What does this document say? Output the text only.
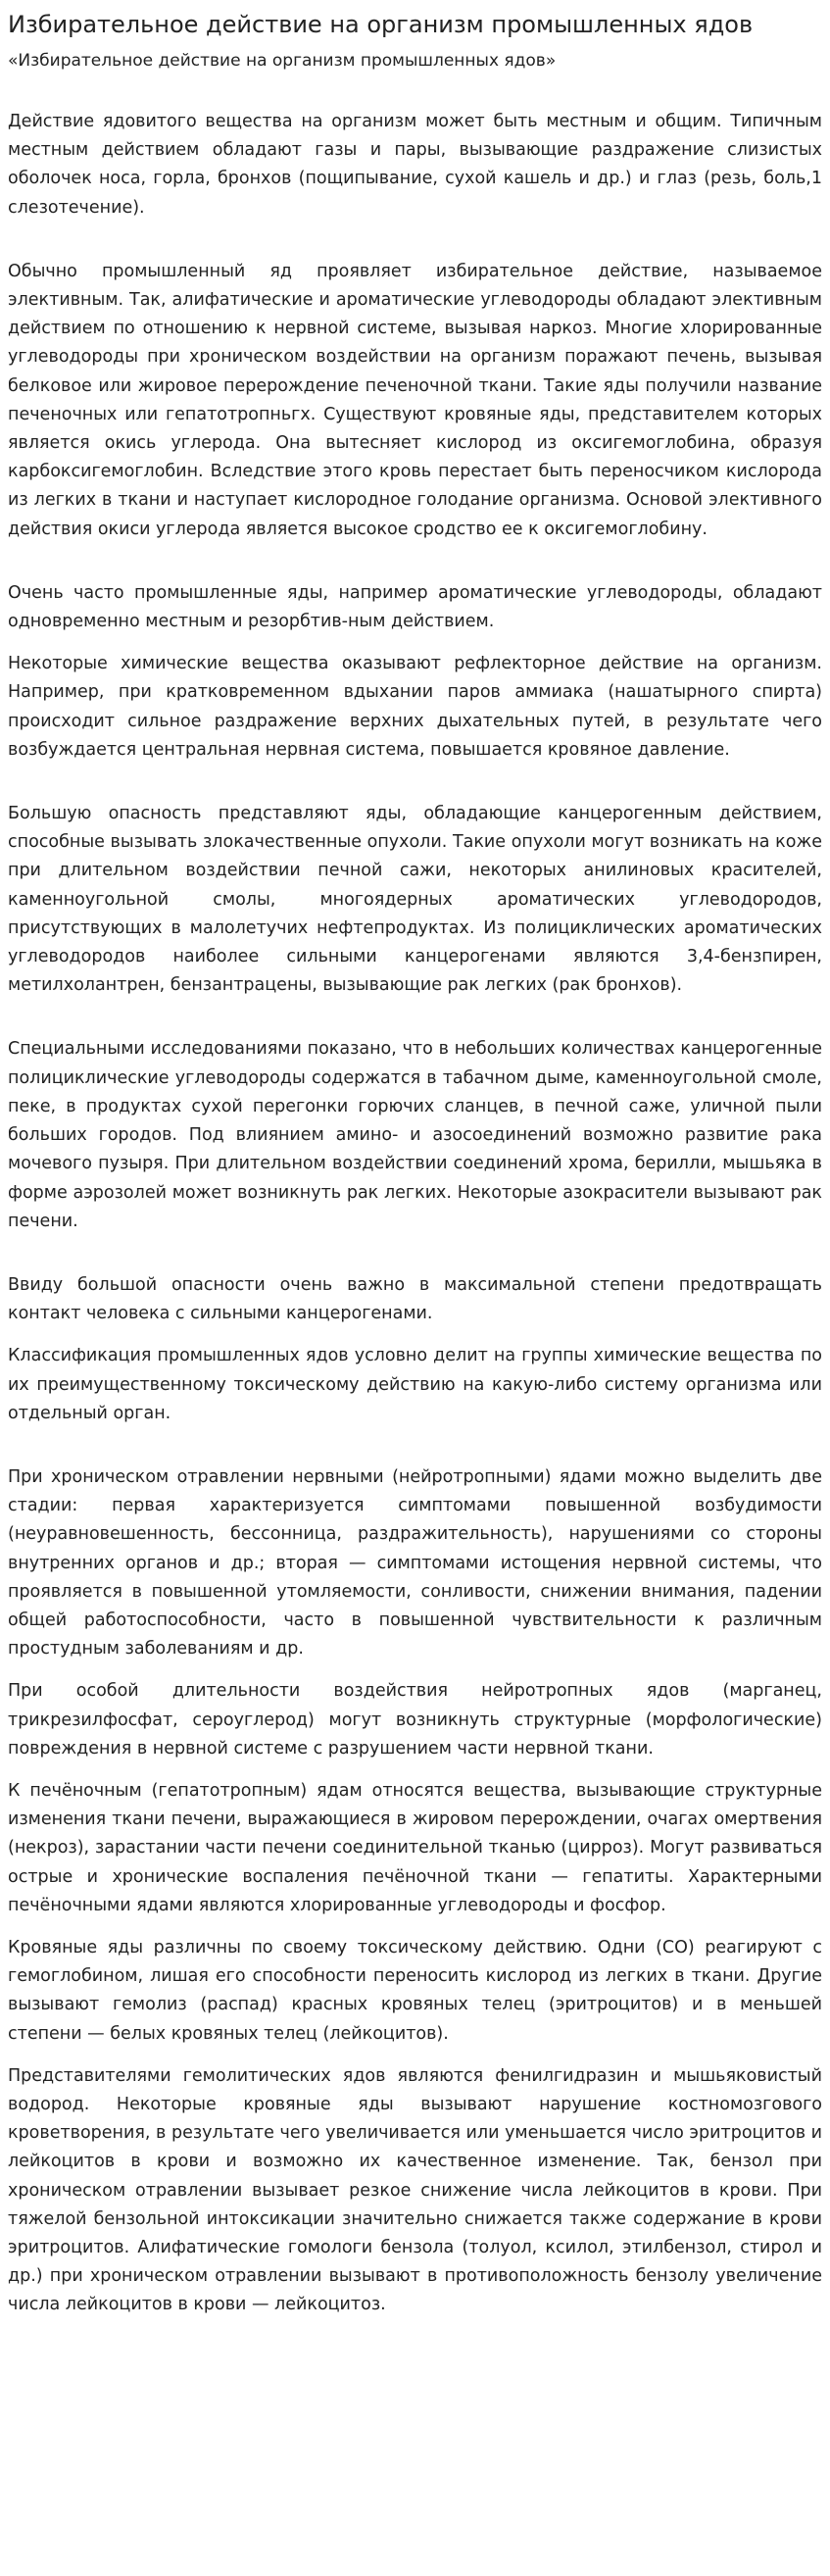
Избирательное действие на организм промышленных ядов
«Избирательное действие на организм промышленных ядов»

Действие ядовитого вещества на организм может быть местным и общим. Типичным местным действием обладают газы и пары, вызывающие раздражение слизистых оболочек носа, горла, бронхов (пощипывание, сухой кашель и др.) и глаз (резь, боль,1 слезотечение).

Обычно промышленный яд проявляет избирательное действие, называемое элективным. Так, алифатические и ароматические углеводороды обладают элективным действием по отношению к нервной системе, вызывая наркоз. Многие хлорированные углеводороды при хроническом воздействии на организм поражают печень, вызывая белковое или жировое перерождение печеночной ткани. Такие яды получили название печеночных или гепатотропньгх. Существуют кровяные яды, представителем которых является окись углерода. Она вытесняет кислород из оксигемоглобина, образуя карбоксигемоглобин. Вследствие этого кровь перестает быть переносчиком кислорода из легких в ткани и наступает кислородное голодание организма. Основой элективного действия окиси углерода является высокое сродство ее к оксигемоглобину.

Очень часто промышленные яды, например ароматические углеводороды, обладают одновременно местным и резорбтив-ным действием.

Некоторые химические вещества оказывают рефлекторное действие на организм. Например, при кратковременном вдыхании паров аммиака (нашатырного спирта) происходит сильное раздражение верхних дыхательных путей, в результате чего возбуждается центральная нервная система, повышается кровяное давление.

Большую опасность представляют яды, обладающие канцерогенным действием, способные вызывать злокачественные опухоли. Такие опухоли могут возникать на коже при длительном воздействии печной сажи, некоторых анилиновых красителей, каменноугольной смолы, многоядерных ароматических углеводородов, присутствующих в малолетучих нефтепродуктах. Из полициклических ароматических углеводородов наиболее сильными канцерогенами являются 3,4-бензпирен, метилхолантрен, бензантрацены, вызывающие рак легких (рак бронхов).

Специальными исследованиями показано, что в небольших количествах канцерогенные полициклические углеводороды содержатся в табачном дыме, каменноугольной смоле, пеке, в продуктах сухой перегонки горючих сланцев, в печной саже, уличной пыли больших городов. Под влиянием амино- и азосоединений возможно развитие рака мочевого пузыря. При длительном воздействии соединений хрома, берилли, мышьяка в форме аэрозолей может возникнуть рак легких. Некоторые азокрасители вызывают рак печени.

Ввиду большой опасности очень важно в максимальной степени предотвращать контакт человека с сильными канцерогенами.

Классификация промышленных ядов условно делит на группы химические вещества по их преимущественному токсическому действию на какую-либо систему организма или отдельный орган.

При хроническом отравлении нервными (нейротропными) ядами можно выделить две стадии: первая характеризуется симптомами повышенной возбудимости (неуравновешенность, бессонница, раздражительность), нарушениями со стороны внутренних органов и др.; вторая — симптомами истощения нервной системы, что проявляется в повышенной утомляемости, сонливости, снижении внимания, падении общей работоспособности, часто в повышенной чувствительности к различным простудным заболеваниям и др.

При особой длительности воздействия нейротропных ядов (марганец, трикрезилфосфат, сероуглерод) могут возникнуть структурные (морфологические) повреждения в нервной системе с разрушением части нервной ткани.

К печёночным (гепатотропным) ядам относятся вещества, вызывающие структурные изменения ткани печени, выражающиеся в жировом перерождении, очагах омертвения (некроз), зарастании части печени соединительной тканью (цирроз). Могут развиваться острые и хронические воспаления печёночной ткани — гепатиты. Характерными печёночными ядами являются хлорированные углеводороды и фосфор.

Кровяные яды различны по своему токсическому действию. Одни (СО) реагируют с гемоглобином, лишая его способности переносить кислород из легких в ткани. Другие вызывают гемолиз (распад) красных кровяных телец (эритроцитов) и в меньшей степени — белых кровяных телец (лейкоцитов).

Представителями гемолитических ядов являются фенилгидразин и мышьяковистый водород. Некоторые кровяные яды вызывают нарушение костномозгового кроветворения, в результате чего увеличивается или уменьшается число эритроцитов и лейкоцитов в крови и возможно их качественное изменение. Так, бензол при хроническом отравлении вызывает резкое снижение числа лейкоцитов в крови. При тяжелой бензольной интоксикации значительно снижается также содержание в крови эритроцитов. Алифатические гомологи бензола (толуол, ксилол, этилбензол, стирол и др.) при хроническом отравлении вызывают в противоположность бензолу увеличение числа лейкоцитов в крови — лейкоцитоз.
